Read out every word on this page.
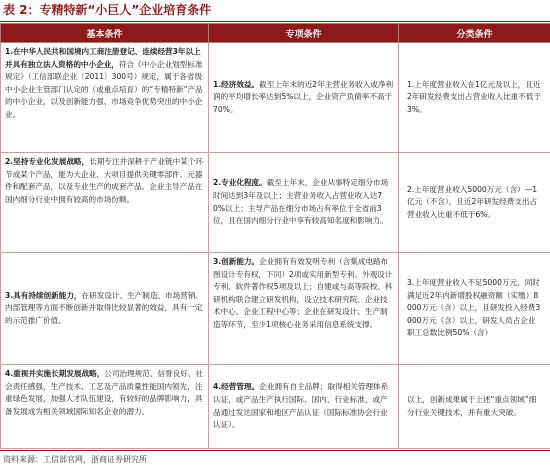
表 2：专精特新“小巨人”企业培育条件
基本条件	专项条件	分类条件
1.在中华人民共和国境内工商注册登记、连续经营3年以上并具有独立法人资格的中小企业，符合《中小企业划型标准规定》（工信部联企业〔2011〕300号）规定，属于各省级中小企业主管部门认定的（或重点培育）的“专精特新”产品的中小企业，以及创新能力强、市场竞争优势突出的中小企业。	1.经济效益。截至上年末的近2年主营业务收入或净利润的平均增长率达到5%以上，企业资产负债率不高于70%。	1.上年度营业收入在1亿元及以上，且近2年研发经费支出占营业收入比重不低于3%。
2.坚持专业化发展战略，长期专注并深耕于产业链中某个环节或某个产品，能为大企业、大项目提供关键零部件、元器件和配套产品，以及专业生产的成套产品。企业主导产品在国内细分行业中拥有较高的市场份额。	2.专业化程度。截至上年末，企业从事特定细分市场时间达到3年及以上；主营业务收入占营业收入达70%以上；主导产品在细分市场占有率位于全省前3位，且在国内细分行业中享有较高知名度和影响力。	2.上年度营业收入5000万元（含）—1亿元（不含），且近2年研发经费支出占营业收入比重不低于6%。
3.具有持续创新能力，在研发设计、生产制造、市场营销、内部管理等方面不断创新并取得比较显著的效益，具有一定的示范推广价值。	3.创新能力。企业拥有有效发明专利（含集成电路布图设计专有权，下同）2项或实用新型专利、外观设计专利、软件著作权5项及以上；自建或与高等院校、科研机构联合建立研发机构，设立技术研究院、企业技术中心、企业工程中心等；企业在研发设计、生产制造等环节，至少1项核心业务采用信息系统支撑。	3.上年度营业收入不足5000万元，同时满足近2年内新增股权融资额（实缴）8000万元（含）以上，且研发投入经费3000万元（含）以上，研发人员占企业职工总数比例50%（含）
4.重视并实施长期发展战略，公司治理规范、信誉良好、社会责任感强，生产技术、工艺及产品质量性能国内领先，注重绿色发展，加强人才队伍建设，有较好的品牌影响力，具备发展成为相关领域国际知名企业的潜力。	4.经营管理。企业拥有自主品牌；取得相关管理体系认证，或产品生产执行国际、国内、行业标准，或产品通过发达国家和地区产品认证（国际标准协会行业认证）。	以上，创新成果属于上述“重点领域”细分行业关键技术，并有重大突破。
资料来源：工信部官网，浙商证券研究所
